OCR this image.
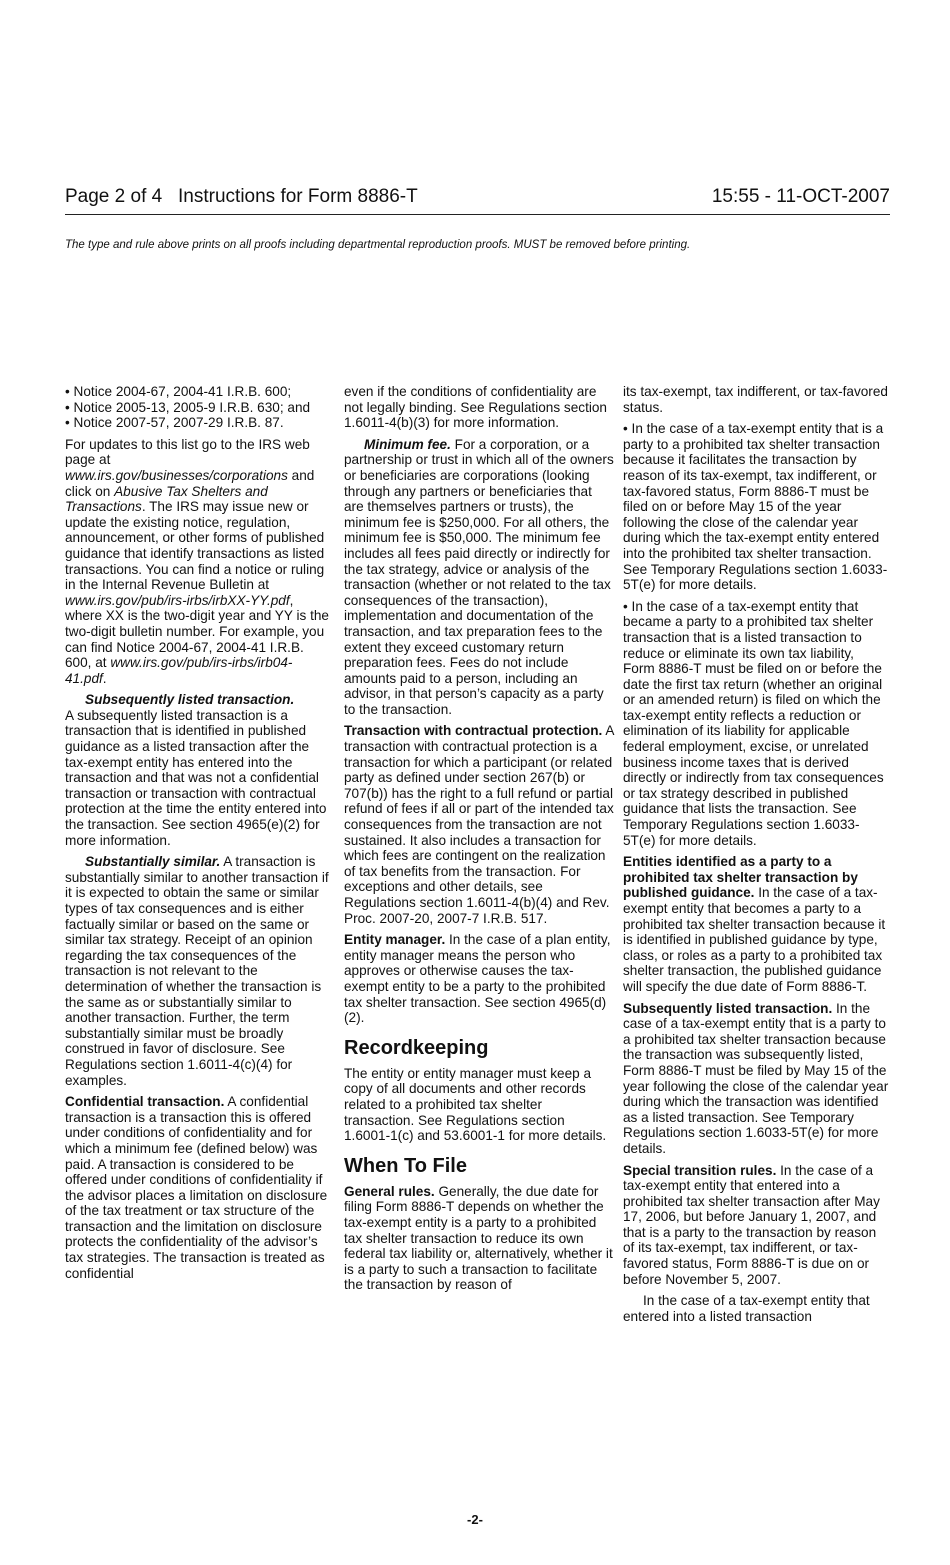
Page 2 of 4   Instructions for Form 8886-T	15:55 - 11-OCT-2007
The type and rule above prints on all proofs including departmental reproduction proofs. MUST be removed before printing.

• Notice 2004-67, 2004-41 I.R.B. 600;

• Notice 2005-13, 2005-9 I.R.B. 630; and

• Notice 2007-57, 2007-29 I.R.B. 87.

For updates to this list go to the IRS web page at www.irs.gov/businesses/corporations and click on Abusive Tax Shelters and Transactions. The IRS may issue new or update the existing notice, regulation, announcement, or other forms of published guidance that identify transactions as listed transactions. You can find a notice or ruling in the Internal Revenue Bulletin at www.irs.gov/pub/irs-irbs/irbXX-YY.pdf, where XX is the two-digit year and YY is the two-digit bulletin number. For example, you can find Notice 2004-67, 2004-41 I.R.B. 600, at www.irs.gov/pub/irs-irbs/irb04-41.pdf.

Subsequently listed transaction.

A subsequently listed transaction is a transaction that is identified in published guidance as a listed transaction after the tax-exempt entity has entered into the transaction and that was not a confidential transaction or transaction with contractual protection at the time the entity entered into the transaction. See section 4965(e)(2) for more information.

Substantially similar. A transaction is substantially similar to another transaction if it is expected to obtain the same or similar types of tax consequences and is either factually similar or based on the same or similar tax strategy. Receipt of an opinion regarding the tax consequences of the transaction is not relevant to the determination of whether the transaction is the same as or substantially similar to another transaction. Further, the term substantially similar must be broadly construed in favor of disclosure. See Regulations section 1.6011-4(c)(4) for examples.

Confidential transaction. A confidential transaction is a transaction this is offered under conditions of confidentiality and for which a minimum fee (defined below) was paid. A transaction is considered to be offered under conditions of confidentiality if the advisor places a limitation on disclosure of the tax treatment or tax structure of the transaction and the limitation on disclosure protects the confidentiality of the advisor’s tax strategies. The transaction is treated as confidential

even if the conditions of confidentiality are not legally binding. See Regulations section 1.6011-4(b)(3) for more information.

Minimum fee. For a corporation, or a partnership or trust in which all of the owners or beneficiaries are corporations (looking through any partners or beneficiaries that are themselves partners or trusts), the minimum fee is $250,000. For all others, the minimum fee is $50,000. The minimum fee includes all fees paid directly or indirectly for the tax strategy, advice or analysis of the transaction (whether or not related to the tax consequences of the transaction), implementation and documentation of the transaction, and tax preparation fees to the extent they exceed customary return preparation fees. Fees do not include amounts paid to a person, including an advisor, in that person’s capacity as a party to the transaction.

Transaction with contractual protection. A transaction with contractual protection is a transaction for which a participant (or related party as defined under section 267(b) or 707(b)) has the right to a full refund or partial refund of fees if all or part of the intended tax consequences from the transaction are not sustained. It also includes a transaction for which fees are contingent on the realization of tax benefits from the transaction. For exceptions and other details, see Regulations section 1.6011-4(b)(4) and Rev. Proc. 2007-20, 2007-7 I.R.B. 517.

Entity manager. In the case of a plan entity, entity manager means the person who approves or otherwise causes the tax-exempt entity to be a party to the prohibited tax shelter transaction. See section 4965(d)(2).

Recordkeeping

The entity or entity manager must keep a copy of all documents and other records related to a prohibited tax shelter transaction. See Regulations section 1.6001-1(c) and 53.6001-1 for more details.

When To File

General rules. Generally, the due date for filing Form 8886-T depends on whether the tax-exempt entity is a party to a prohibited tax shelter transaction to reduce its own federal tax liability or, alternatively, whether it is a party to such a transaction to facilitate the transaction by reason of

its tax-exempt, tax indifferent, or tax-favored status.

• In the case of a tax-exempt entity that is a party to a prohibited tax shelter transaction because it facilitates the transaction by reason of its tax-exempt, tax indifferent, or tax-favored status, Form 8886-T must be filed on or before May 15 of the year following the close of the calendar year during which the tax-exempt entity entered into the prohibited tax shelter transaction. See Temporary Regulations section 1.6033-5T(e) for more details.

• In the case of a tax-exempt entity that became a party to a prohibited tax shelter transaction that is a listed transaction to reduce or eliminate its own tax liability, Form 8886-T must be filed on or before the date the first tax return (whether an original or an amended return) is filed on which the tax-exempt entity reflects a reduction or elimination of its liability for applicable federal employment, excise, or unrelated business income taxes that is derived directly or indirectly from tax consequences or tax strategy described in published guidance that lists the transaction. See Temporary Regulations section 1.6033-5T(e) for more details.

Entities identified as a party to a prohibited tax shelter transaction by published guidance. In the case of a tax-exempt entity that becomes a party to a prohibited tax shelter transaction because it is identified in published guidance by type, class, or roles as a party to a prohibited tax shelter transaction, the published guidance will specify the due date of Form 8886-T.

Subsequently listed transaction. In the case of a tax-exempt entity that is a party to a prohibited tax shelter transaction because the transaction was subsequently listed, Form 8886-T must be filed by May 15 of the year following the close of the calendar year during which the transaction was identified as a listed transaction. See Temporary Regulations section 1.6033-5T(e) for more details.

Special transition rules. In the case of a tax-exempt entity that entered into a prohibited tax shelter transaction after May 17, 2006, but before January 1, 2007, and that is a party to the transaction by reason of its tax-exempt, tax indifferent, or tax-favored status, Form 8886-T is due on or before November 5, 2007.

In the case of a tax-exempt entity that entered into a listed transaction

-2-
